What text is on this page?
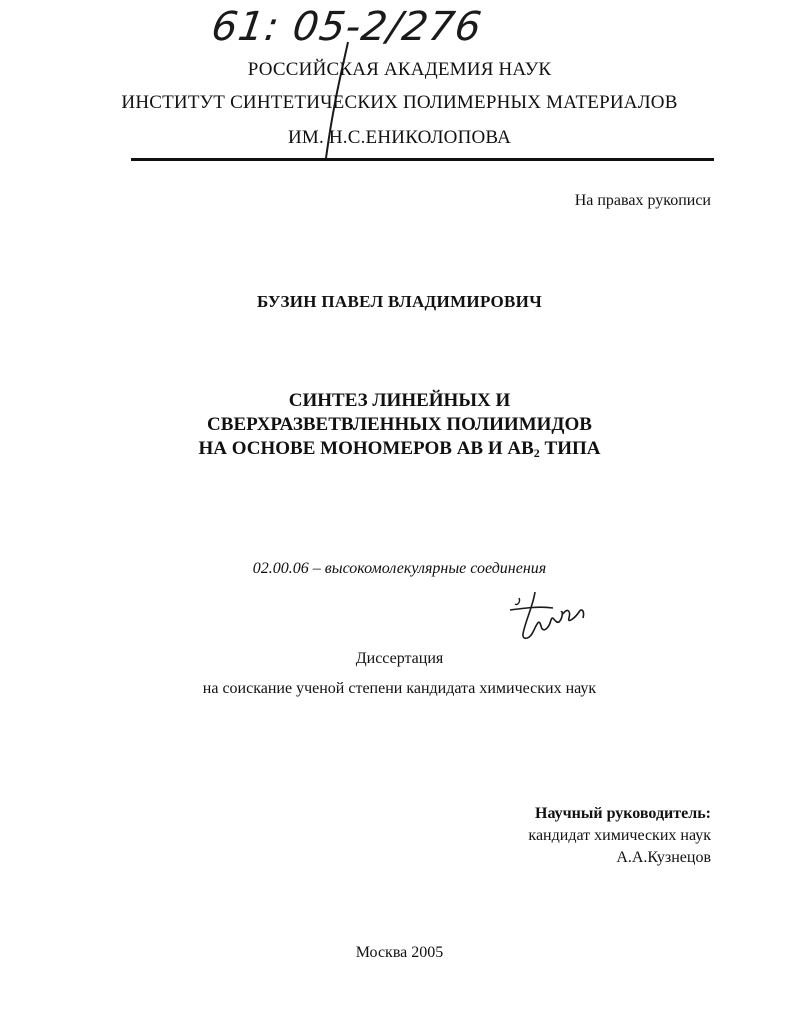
61: 05-2/276
РОССИЙСКАЯ АКАДЕМИЯ НАУК
ИНСТИТУТ СИНТЕТИЧЕСКИХ ПОЛИМЕРНЫХ МАТЕРИАЛОВ
ИМ. Н.С.ЕНИКОЛОПОВА
На правах рукописи
БУЗИН ПАВЕЛ ВЛАДИМИРОВИЧ
СИНТЕЗ ЛИНЕЙНЫХ И
СВЕРХРАЗВЕТВЛЕННЫХ ПОЛИИМИДОВ
НА ОСНОВЕ МОНОМЕРОВ АВ И $АВ_2$ ТИПА
02.00.06 – высокомолекулярные соединения
Диссертация
на соискание ученой степени кандидата химических наук
Научный руководитель:
кандидат химических наук
А.А.Кузнецов
Москва 2005
